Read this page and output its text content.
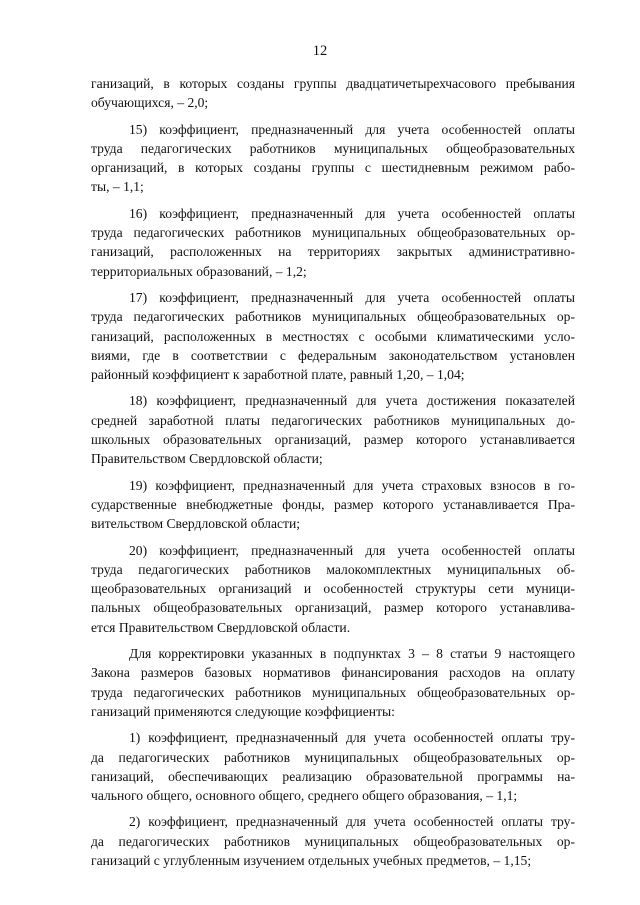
12
ганизаций, в которых созданы группы двадцатичетырехчасового пребывания
обучающихся, – 2,0;
15) коэффициент, предназначенный для учета особенностей оплаты
труда педагогических работников муниципальных общеобразовательных
организаций, в которых созданы группы с шестидневным режимом рабо-
ты, – 1,1;
16) коэффициент, предназначенный для учета особенностей оплаты
труда педагогических работников муниципальных общеобразовательных ор-
ганизаций, расположенных на территориях закрытых административно-
территориальных образований, – 1,2;
17) коэффициент, предназначенный для учета особенностей оплаты
труда педагогических работников муниципальных общеобразовательных ор-
ганизаций, расположенных в местностях с особыми климатическими усло-
виями, где в соответствии с федеральным законодательством установлен
районный коэффициент к заработной плате, равный 1,20, – 1,04;
18) коэффициент, предназначенный для учета достижения показателей
средней заработной платы педагогических работников муниципальных до-
школьных образовательных организаций, размер которого устанавливается
Правительством Свердловской области;
19) коэффициент, предназначенный для учета страховых взносов в го-
сударственные внебюджетные фонды, размер которого устанавливается Пра-
вительством Свердловской области;
20) коэффициент, предназначенный для учета особенностей оплаты
труда педагогических работников малокомплектных муниципальных об-
щеобразовательных организаций и особенностей структуры сети муници-
пальных общеобразовательных организаций, размер которого устанавлива-
ется Правительством Свердловской области.
Для корректировки указанных в подпунктах 3 – 8 статьи 9 настоящего
Закона размеров базовых нормативов финансирования расходов на оплату
труда педагогических работников муниципальных общеобразовательных ор-
ганизаций применяются следующие коэффициенты:
1) коэффициент, предназначенный для учета особенностей оплаты тру-
да педагогических работников муниципальных общеобразовательных ор-
ганизаций, обеспечивающих реализацию образовательной программы на-
чального общего, основного общего, среднего общего образования, – 1,1;
2) коэффициент, предназначенный для учета особенностей оплаты тру-
да педагогических работников муниципальных общеобразовательных ор-
ганизаций с углубленным изучением отдельных учебных предметов, – 1,15;
